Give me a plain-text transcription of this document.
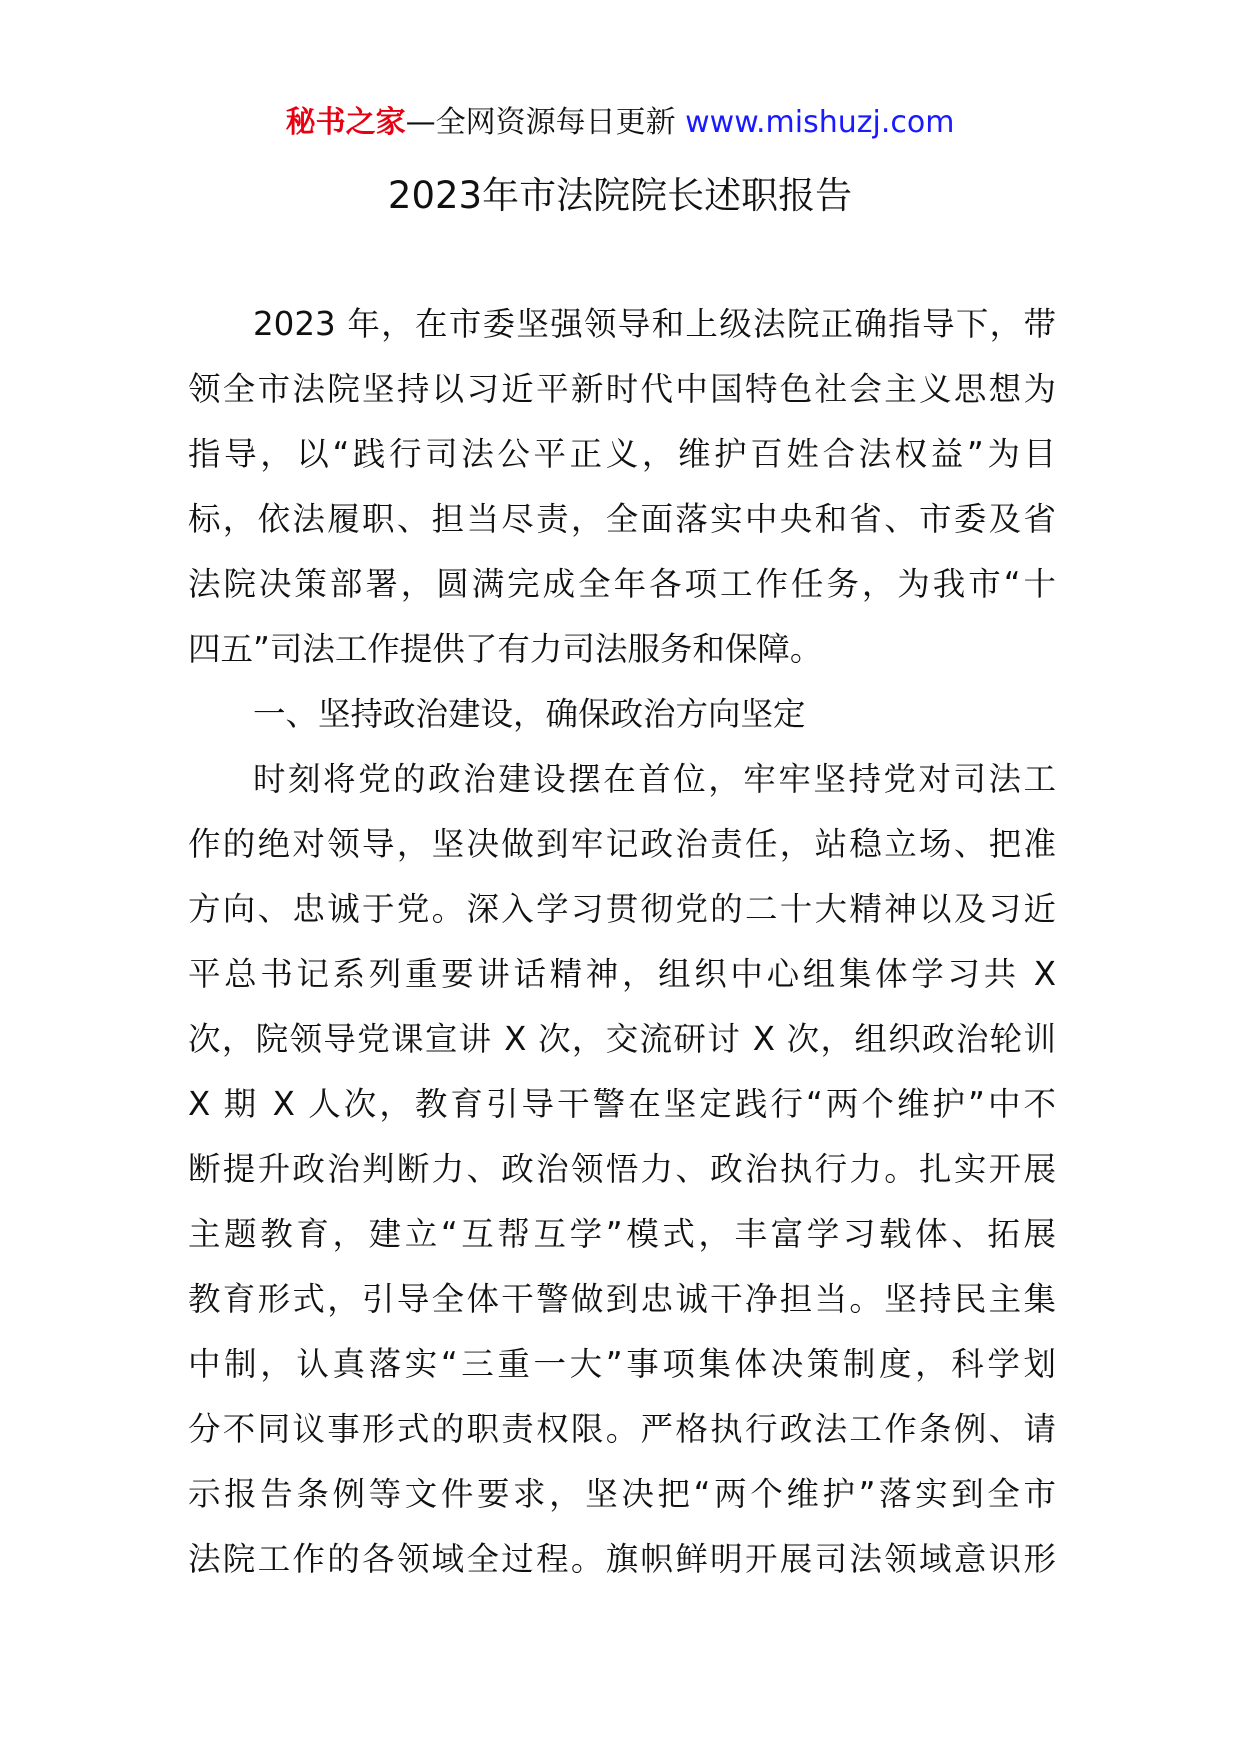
秘书之家—全网资源每日更新 www.mishuzj.com
2023年市法院院长述职报告
2023 年，在市委坚强领导和上级法院正确指导下，带
领全市法院坚持以习近平新时代中国特色社会主义思想为
指导，以“践行司法公平正义，维护百姓合法权益”为目
标，依法履职、担当尽责，全面落实中央和省、市委及省
法院决策部署，圆满完成全年各项工作任务，为我市“十
四五”司法工作提供了有力司法服务和保障。
一、坚持政治建设，确保政治方向坚定
时刻将党的政治建设摆在首位，牢牢坚持党对司法工
作的绝对领导，坚决做到牢记政治责任，站稳立场、把准
方向、忠诚于党。深入学习贯彻党的二十大精神以及习近
平总书记系列重要讲话精神，组织中心组集体学习共 X
次，院领导党课宣讲 X 次，交流研讨 X 次，组织政治轮训
X 期 X 人次，教育引导干警在坚定践行“两个维护”中不
断提升政治判断力、政治领悟力、政治执行力。扎实开展
主题教育，建立“互帮互学”模式，丰富学习载体、拓展
教育形式，引导全体干警做到忠诚干净担当。坚持民主集
中制，认真落实“三重一大”事项集体决策制度，科学划
分不同议事形式的职责权限。严格执行政法工作条例、请
示报告条例等文件要求，坚决把“两个维护”落实到全市
法院工作的各领域全过程。旗帜鲜明开展司法领域意识形
